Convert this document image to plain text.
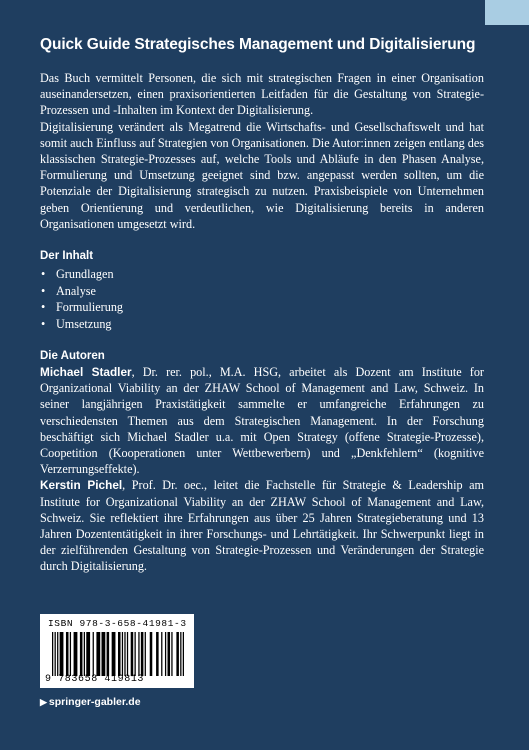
Quick Guide Strategisches Management und Digitalisierung

Das Buch vermittelt Personen, die sich mit strategischen Fragen in einer Organisation auseinandersetzen, einen praxisorientierten Leitfaden für die Gestaltung von Strategie-Prozessen und -Inhalten im Kontext der Digitalisierung.

Digitalisierung verändert als Megatrend die Wirtschafts- und Gesellschaftswelt und hat somit auch Einfluss auf Strategien von Organisationen. Die Autor:innen zeigen entlang des klassischen Strategie-Prozesses auf, welche Tools und Abläufe in den Phasen Analyse, Formulierung und Umsetzung geeignet sind bzw. angepasst werden sollten, um die Potenziale der Digitalisierung strategisch zu nutzen. Praxisbeispiele von Unternehmen geben Orientierung und verdeutlichen, wie Digitalisierung bereits in anderen Organisationen umgesetzt wird.

Der Inhalt
• Grundlagen
• Analyse
• Formulierung
• Umsetzung
Die Autoren

Michael Stadler, Dr. rer. pol., M.A. HSG, arbeitet als Dozent am Institute for Organizational Viability an der ZHAW School of Management and Law, Schweiz. In seiner langjährigen Praxistätigkeit sammelte er umfangreiche Erfahrungen zu verschiedensten Themen aus dem Strategischen Management. In der Forschung beschäftigt sich Michael Stadler u.a. mit Open Strategy (offene Strategie-Prozesse), Coopetition (Kooperationen unter Wettbewerbern) und „Denkfehlern“ (kognitive Verzerrungseffekte).

Kerstin Pichel, Prof. Dr. oec., leitet die Fachstelle für Strategie & Leadership am Institute for Organizational Viability an der ZHAW School of Management and Law, Schweiz. Sie reflektiert ihre Erfahrungen aus über 25 Jahren Strategieberatung und 13 Jahren Dozententätigkeit in ihrer Forschungs- und Lehrtätigkeit. Ihr Schwerpunkt liegt in der zielführenden Gestaltung von Strategie-Prozessen und Veränderungen der Strategie durch Digitalisierung.

ISBN 978-3-658-41981-3
9 783658 419813
▶ springer-gabler.de
